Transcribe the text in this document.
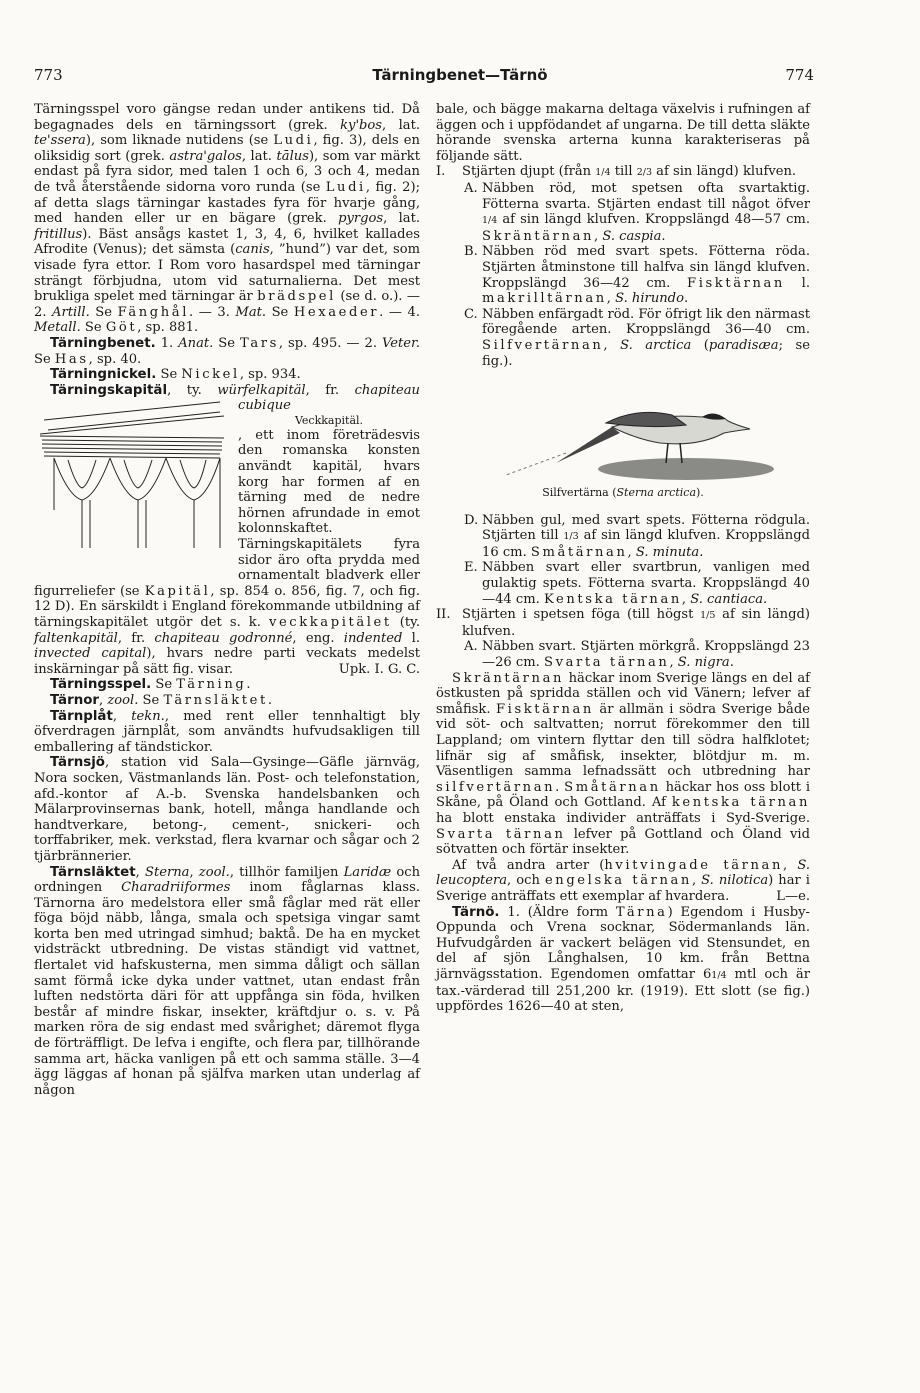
773	Tärningbenet—Tärnö	774

Tärningsspel voro gängse redan under antikens tid. Då begagnades dels en tärningssort (grek. ky'bos, lat. te'ssera), som liknade nutidens (se Ludi, fig. 3), dels en oliksidig sort (grek. astra'galos, lat. tālus), som var märkt endast på fyra sidor, med talen 1 och 6, 3 och 4, medan de två återstående sidorna voro runda (se Ludi, fig. 2); af detta slags tärningar kastades fyra för hvarje gång, med handen eller ur en bägare (grek. pyrgos, lat. fritillus). Bäst ansågs kastet 1, 3, 4, 6, hvilket kallades Afrodite (Venus); det sämsta (canis, ”hund”) var det, som visade fyra ettor. I Rom voro hasardspel med tärningar strängt förbjudna, utom vid saturnalierna. Det mest brukliga spelet med tärningar är brädspel (se d. o.). — 2. Artill. Se Fänghål. — 3. Mat. Se Hexaeder. — 4. Metall. Se Göt, sp. 881.

Tärningbenet. 1. Anat. Se Tars, sp. 495. — 2. Veter. Se Has, sp. 40.

Tärningnickel. Se Nickel, sp. 934.

Tärningskapitäl, ty. würfelkapitäl, fr. chapiteau cubique

Veckkapitäl.
, ett inom företrädesvis den romanska konsten användt kapitäl, hvars korg har formen af en tärning med de nedre hörnen afrundade in emot kolonnskaftet. Tärningskapitälets fyra sidor äro ofta prydda med ornamentalt bladverk eller figurreliefer (se Kapitäl, sp. 854 o. 856, fig. 7, och fig. 12 D). En särskildt i England förekommande utbildning af tärningskapitälet utgör det s. k. veckkapitälet (ty. faltenkapitäl, fr. chapiteau godronné, eng. indented l. invected capital), hvars nedre parti veckats medelst inskärningar på sätt fig. visar.	Upk. I. G. C.

Tärningsspel. Se Tärning.

Tärnor, zool. Se Tärnsläktet.

Tärnplåt, tekn., med rent eller tennhaltigt bly öfverdragen järnplåt, som användts hufvudsakligen till emballering af tändstickor.

Tärnsjö, station vid Sala—Gysinge—Gäfle järnväg, Nora socken, Västmanlands län. Post- och telefonstation, afd.-kontor af A.-b. Svenska handelsbanken och Mälarprovinsernas bank, hotell, många handlande och handtverkare, betong-, cement-, snickeri- och torffabriker, mek. verkstad, flera kvarnar och sågar och 2 tjärbrännerier.

Tärnsläktet, Sterna, zool., tillhör familjen Laridæ och ordningen Charadriiformes inom fåglarnas klass. Tärnorna äro medelstora eller små fåglar med rät eller föga böjd näbb, långa, smala och spetsiga vingar samt korta ben med utringad simhud; baktå. De ha en mycket vidsträckt utbredning. De vistas ständigt vid vattnet, flertalet vid hafskusterna, men simma dåligt och sällan samt förmå icke dyka under vattnet, utan endast från luften nedstörta däri för att uppfånga sin föda, hvilken består af mindre fiskar, insekter, kräftdjur o. s. v. På marken röra de sig endast med svårighet; däremot flyga de förträffligt. De lefva i engifte, och flera par, tillhörande samma art, häcka vanligen på ett och samma ställe. 3—4 ägg läggas af honan på själfva marken utan underlag af någon

bale, och bägge makarna deltaga växelvis i rufningen af äggen och i uppfödandet af ungarna. De till detta släkte hörande svenska arterna kunna karakteriseras på följande sätt.

I. Stjärten djupt (från 1/4 till 2/3 af sin längd) klufven.
A. Näbben röd, mot spetsen ofta svartaktig. Fötterna svarta. Stjärten endast till något öfver 1/4 af sin längd klufven. Kroppslängd 48—57 cm. Skräntärnan, S. caspia.
B. Näbben röd med svart spets. Fötterna röda. Stjärten åtminstone till halfva sin längd klufven. Kroppslängd 36—42 cm. Fisktärnan l. makrilltärnan, S. hirundo.
C. Näbben enfärgadt röd. För öfrigt lik den närmast föregående arten. Kroppslängd 36—40 cm. Silfvertärnan, S. arctica (paradisæa; se fig.).
Silfvertärna (Sterna arctica).
D. Näbben gul, med svart spets. Fötterna rödgula. Stjärten till 1/3 af sin längd klufven. Kroppslängd 16 cm. Småtärnan, S. minuta.
E. Näbben svart eller svartbrun, vanligen med gulaktig spets. Fötterna svarta. Kroppslängd 40—44 cm. Kentska tärnan, S. cantiaca.
II. Stjärten i spetsen föga (till högst 1/5 af sin längd) klufven.
A. Näbben svart. Stjärten mörkgrå. Kroppslängd 23—26 cm. Svarta tärnan, S. nigra.

Skräntärnan häckar inom Sverige längs en del af östkusten på spridda ställen och vid Vänern; lefver af småfisk. Fisktärnan är allmän i södra Sverige både vid söt- och saltvatten; norrut förekommer den till Lappland; om vintern flyttar den till södra halfklotet; lifnär sig af småfisk, insekter, blötdjur m. m. Väsentligen samma lefnadssätt och utbredning har silfvertärnan. Småtärnan häckar hos oss blott i Skåne, på Öland och Gottland. Af kentska tärnan ha blott enstaka individer anträffats i Syd-Sverige. Svarta tärnan lefver på Gottland och Öland vid sötvatten och förtär insekter.

Af två andra arter (hvitvingade tärnan, S. leucoptera, och engelska tärnan, S. nilotica) har i Sverige anträffats ett exemplar af hvardera.	L—e.

Tärnö. 1. (Äldre form Tärna) Egendom i Husby-Oppunda och Vrena socknar, Södermanlands län. Hufvudgården är vackert belägen vid Stensundet, en del af sjön Långhalsen, 10 km. från Bettna järnvägsstation. Egendomen omfattar 61/4 mtl och är tax.-värderad till 251,200 kr. (1919). Ett slott (se fig.) uppfördes 1626—40 at sten,
